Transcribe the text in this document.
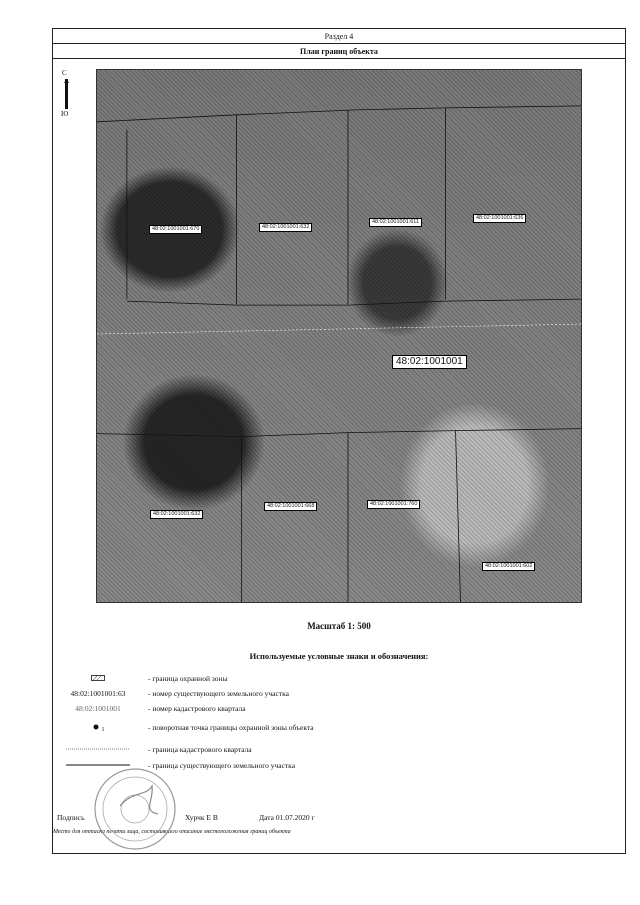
Раздел 4
План границ объекта
С
Ю
48:02:1001001:670	48:02:1001001:632
48:02:1001001:611
48:02:1001001:636
48:02:1001001
48:02:1001001:632
48:02:1001001:668	48:02:1001001:760
48:02:1001001:602
Масштаб 1: 500
Используемые условные знаки и обозначения:
- граница охранной зоны
48:02:1001001:63	- номер существующего земельного участка
48:02:1001001	- номер кадастрового квартала
1	- поворотная точка границы охранной зоны объекта
- граница кадастрового квартала
- граница существующего земельного участка
Подпись	Хурчк Е В	Дата 01.07.2020 г
Место для оттиска печати лица, составившего описание местоположения границ объекта
